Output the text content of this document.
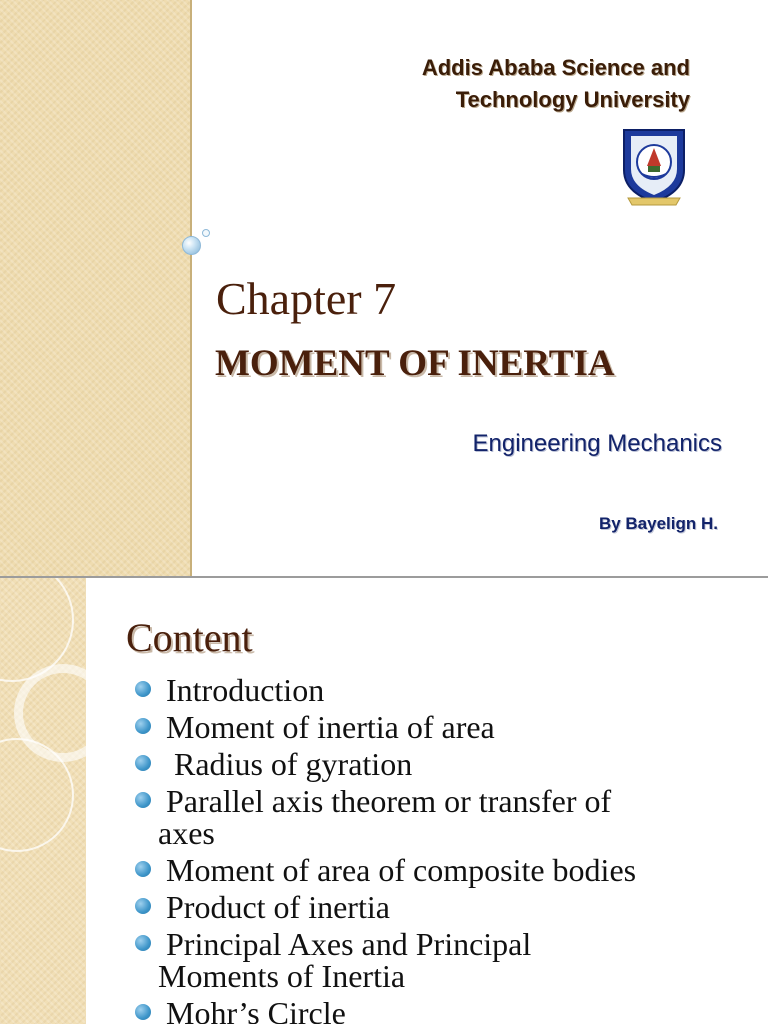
Addis Ababa Science and
Technology University
Chapter 7
MOMENT OF INERTIA
Engineering Mechanics
By Bayelign H.
Content
Introduction
Moment of inertia of area
Radius of gyration
Parallel axis theorem or transfer of
axes
Moment of area of composite bodies
Product of inertia
Principal Axes and Principal
Moments of Inertia
Mohr’s Circle
